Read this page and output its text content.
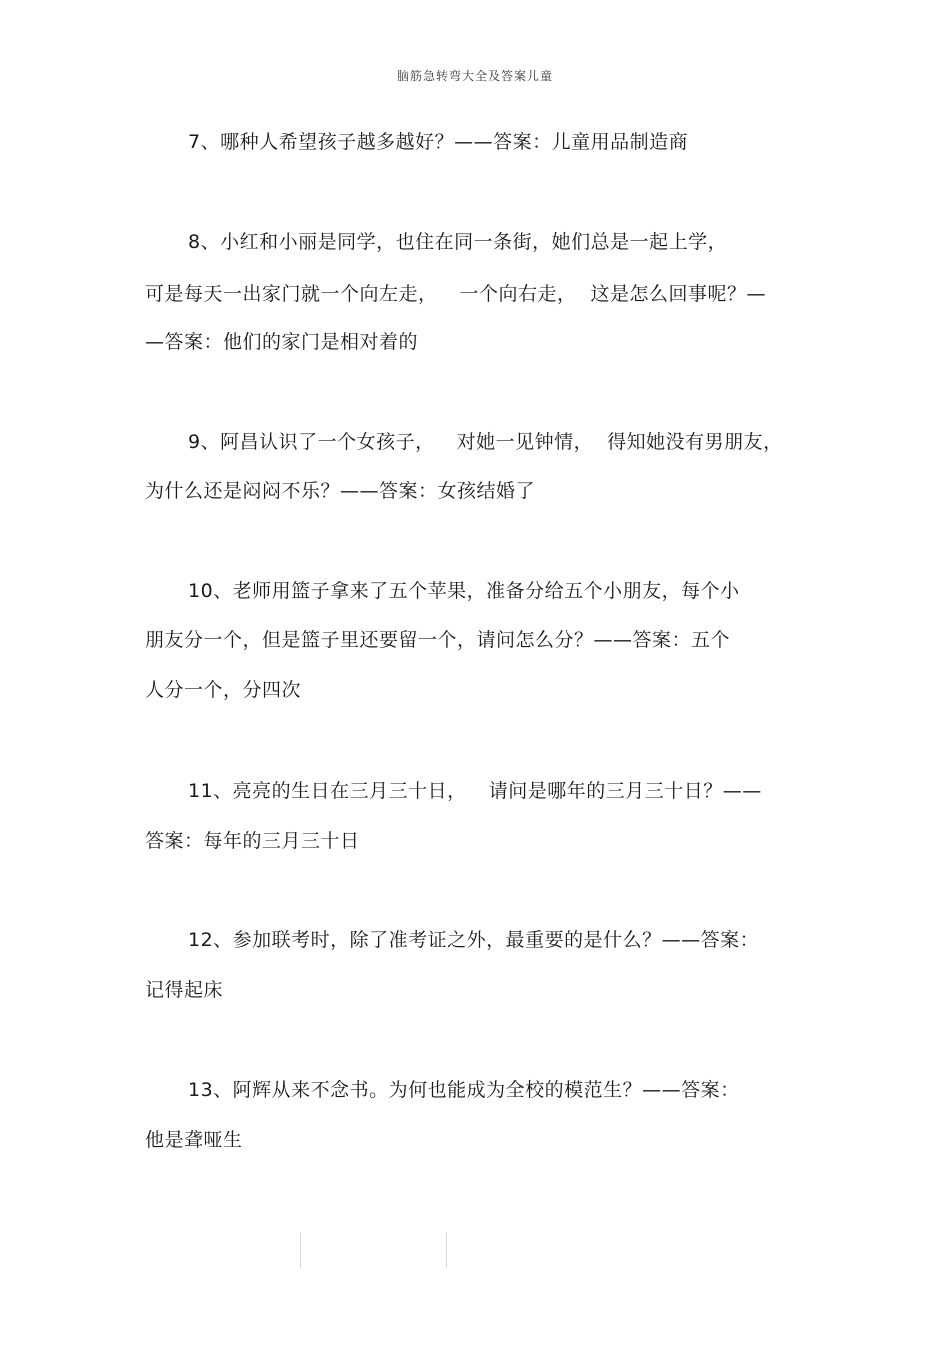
脑筋急转弯大全及答案儿童
7、哪种人希望孩子越多越好？——答案：儿童用品制造商
8、小红和小丽是同学，也住在同一条街，她们总是一起上学，
可是每天一出家门就一个向左走， 一个向右走， 这是怎么回事呢？—
—答案：他们的家门是相对着的
9、阿昌认识了一个女孩子， 对她一见钟情， 得知她没有男朋友，
为什么还是闷闷不乐？——答案：女孩结婚了
10、老师用篮子拿来了五个苹果，准备分给五个小朋友，每个小
朋友分一个，但是篮子里还要留一个，请问怎么分？——答案：五个
人分一个，分四次
11、亮亮的生日在三月三十日， 请问是哪年的三月三十日？——
答案：每年的三月三十日
12、参加联考时，除了准考证之外，最重要的是什么？——答案：
记得起床
13、阿辉从来不念书。为何也能成为全校的模范生？——答案：
他是聋哑生
